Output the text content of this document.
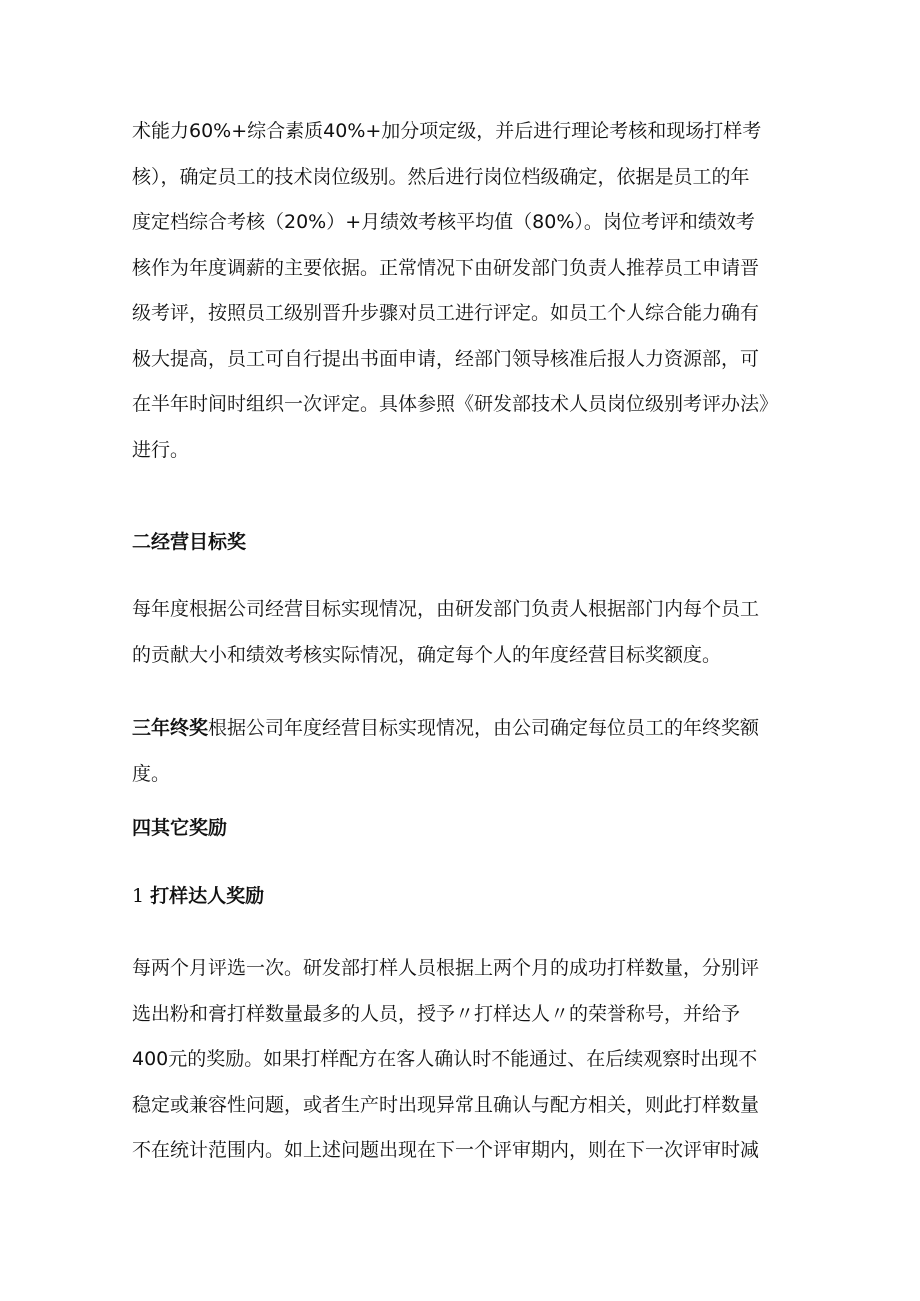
术能力60%+综合素质40%+加分项定级，并后进行理论考核和现场打样考
核），确定员工的技术岗位级别。然后进行岗位档级确定，依据是员工的年
度定档综合考核（20%）+月绩效考核平均值（80%）。岗位考评和绩效考
核作为年度调薪的主要依据。正常情况下由研发部门负责人推荐员工申请晋
级考评，按照员工级别晋升步骤对员工进行评定。如员工个人综合能力确有
极大提高，员工可自行提出书面申请，经部门领导核准后报人力资源部，可
在半年时间时组织一次评定。具体参照《研发部技术人员岗位级别考评办法》
进行。
二经营目标奖
每年度根据公司经营目标实现情况，由研发部门负责人根据部门内每个员工
的贡献大小和绩效考核实际情况，确定每个人的年度经营目标奖额度。
三年终奖根据公司年度经营目标实现情况，由公司确定每位员工的年终奖额
度。
四其它奖励
1 打样达人奖励
每两个月评选一次。研发部打样人员根据上两个月的成功打样数量，分别评
选出粉和膏打样数量最多的人员，授予〃打样达人〃的荣誉称号，并给予
400元的奖励。如果打样配方在客人确认时不能通过、在后续观察时出现不
稳定或兼容性问题，或者生产时出现异常且确认与配方相关，则此打样数量
不在统计范围内。如上述问题出现在下一个评审期内，则在下一次评审时减
